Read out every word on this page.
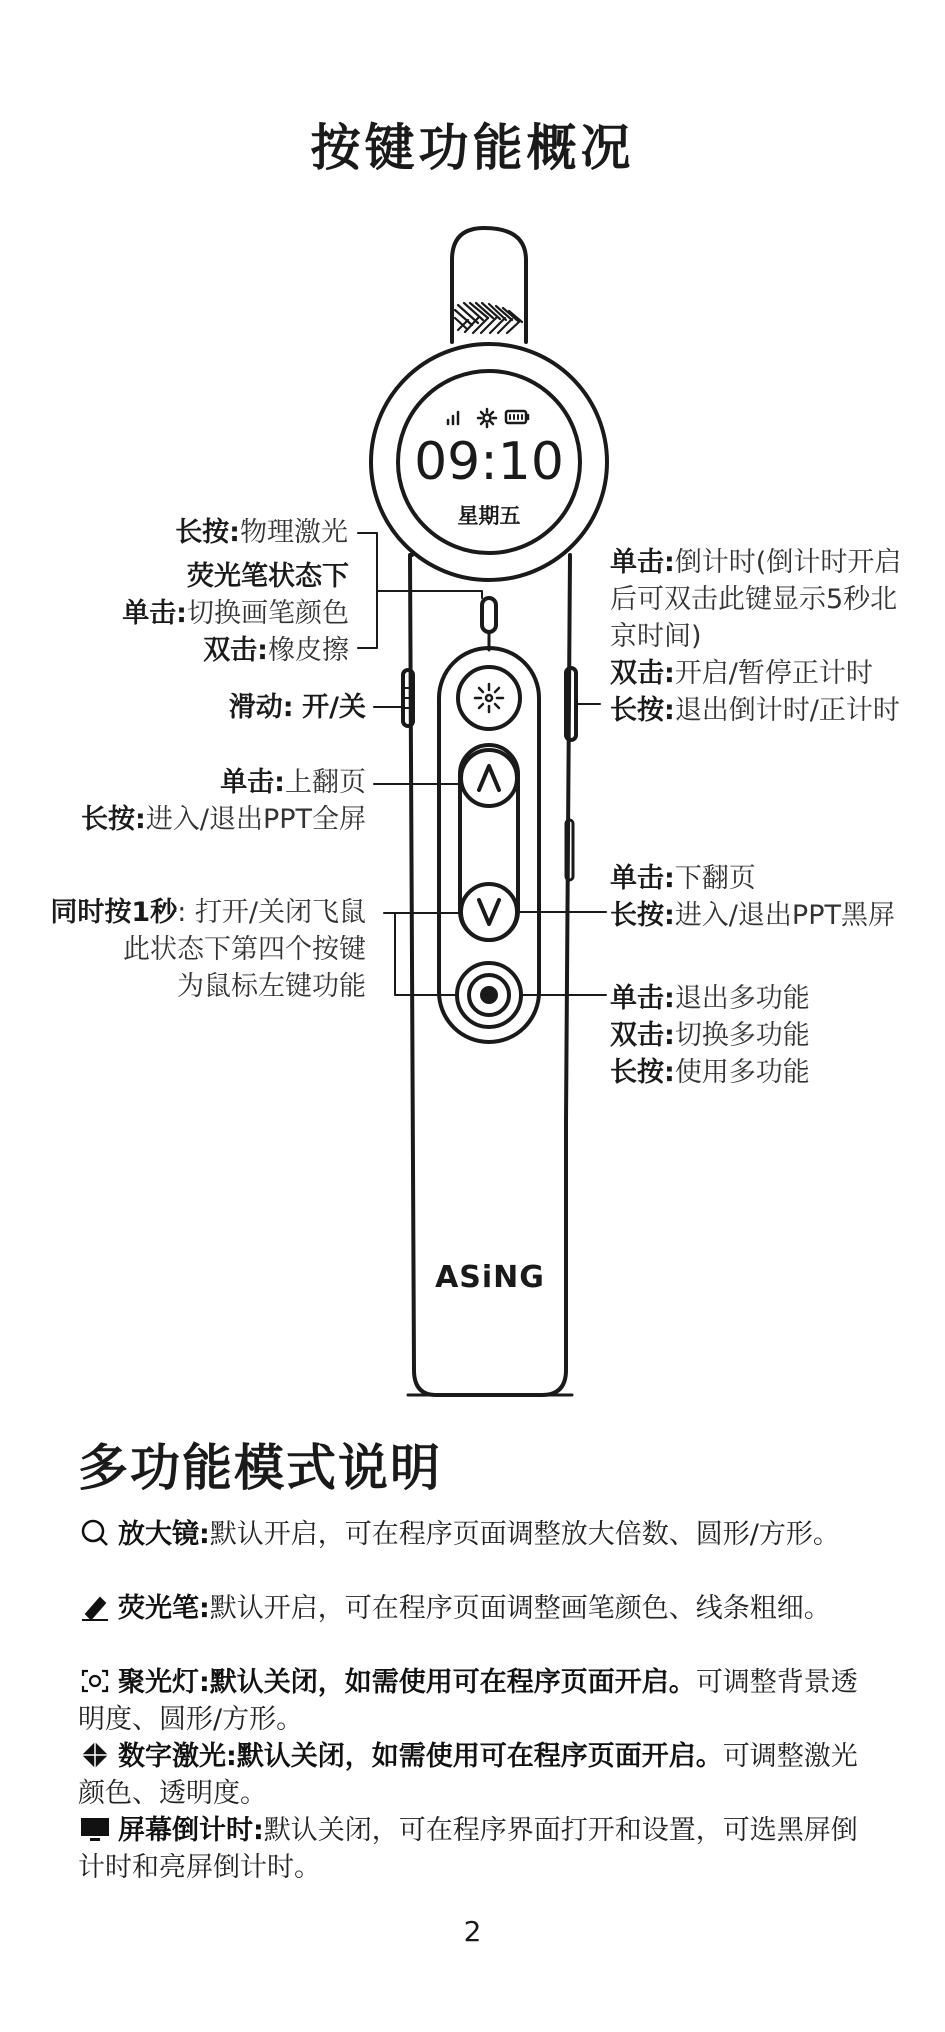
按键功能概况
09:10
星期五
ASiNG
长按:物理激光
荧光笔状态下
单击:切换画笔颜色
双击:橡皮擦
滑动: 开/关
单击:上翻页
长按:进入/退出PPT全屏
同时按1秒: 打开/关闭飞鼠
此状态下第四个按键
为鼠标左键功能
单击:倒计时(倒计时开启
后可双击此键显示5秒北
京时间)
双击:开启/暂停正计时
长按:退出倒计时/正计时
单击:下翻页
长按:进入/退出PPT黑屏
单击:退出多功能
双击:切换多功能
长按:使用多功能
多功能模式说明
放大镜:默认开启，可在程序页面调整放大倍数、圆形/方形。
荧光笔:默认开启，可在程序页面调整画笔颜色、线条粗细。
聚光灯:默认关闭，如需使用可在程序页面开启。可调整背景透明度、圆形/方形。
数字激光:默认关闭，如需使用可在程序页面开启。可调整激光颜色、透明度。
屏幕倒计时:默认关闭，可在程序界面打开和设置，可选黑屏倒计时和亮屏倒计时。
2
